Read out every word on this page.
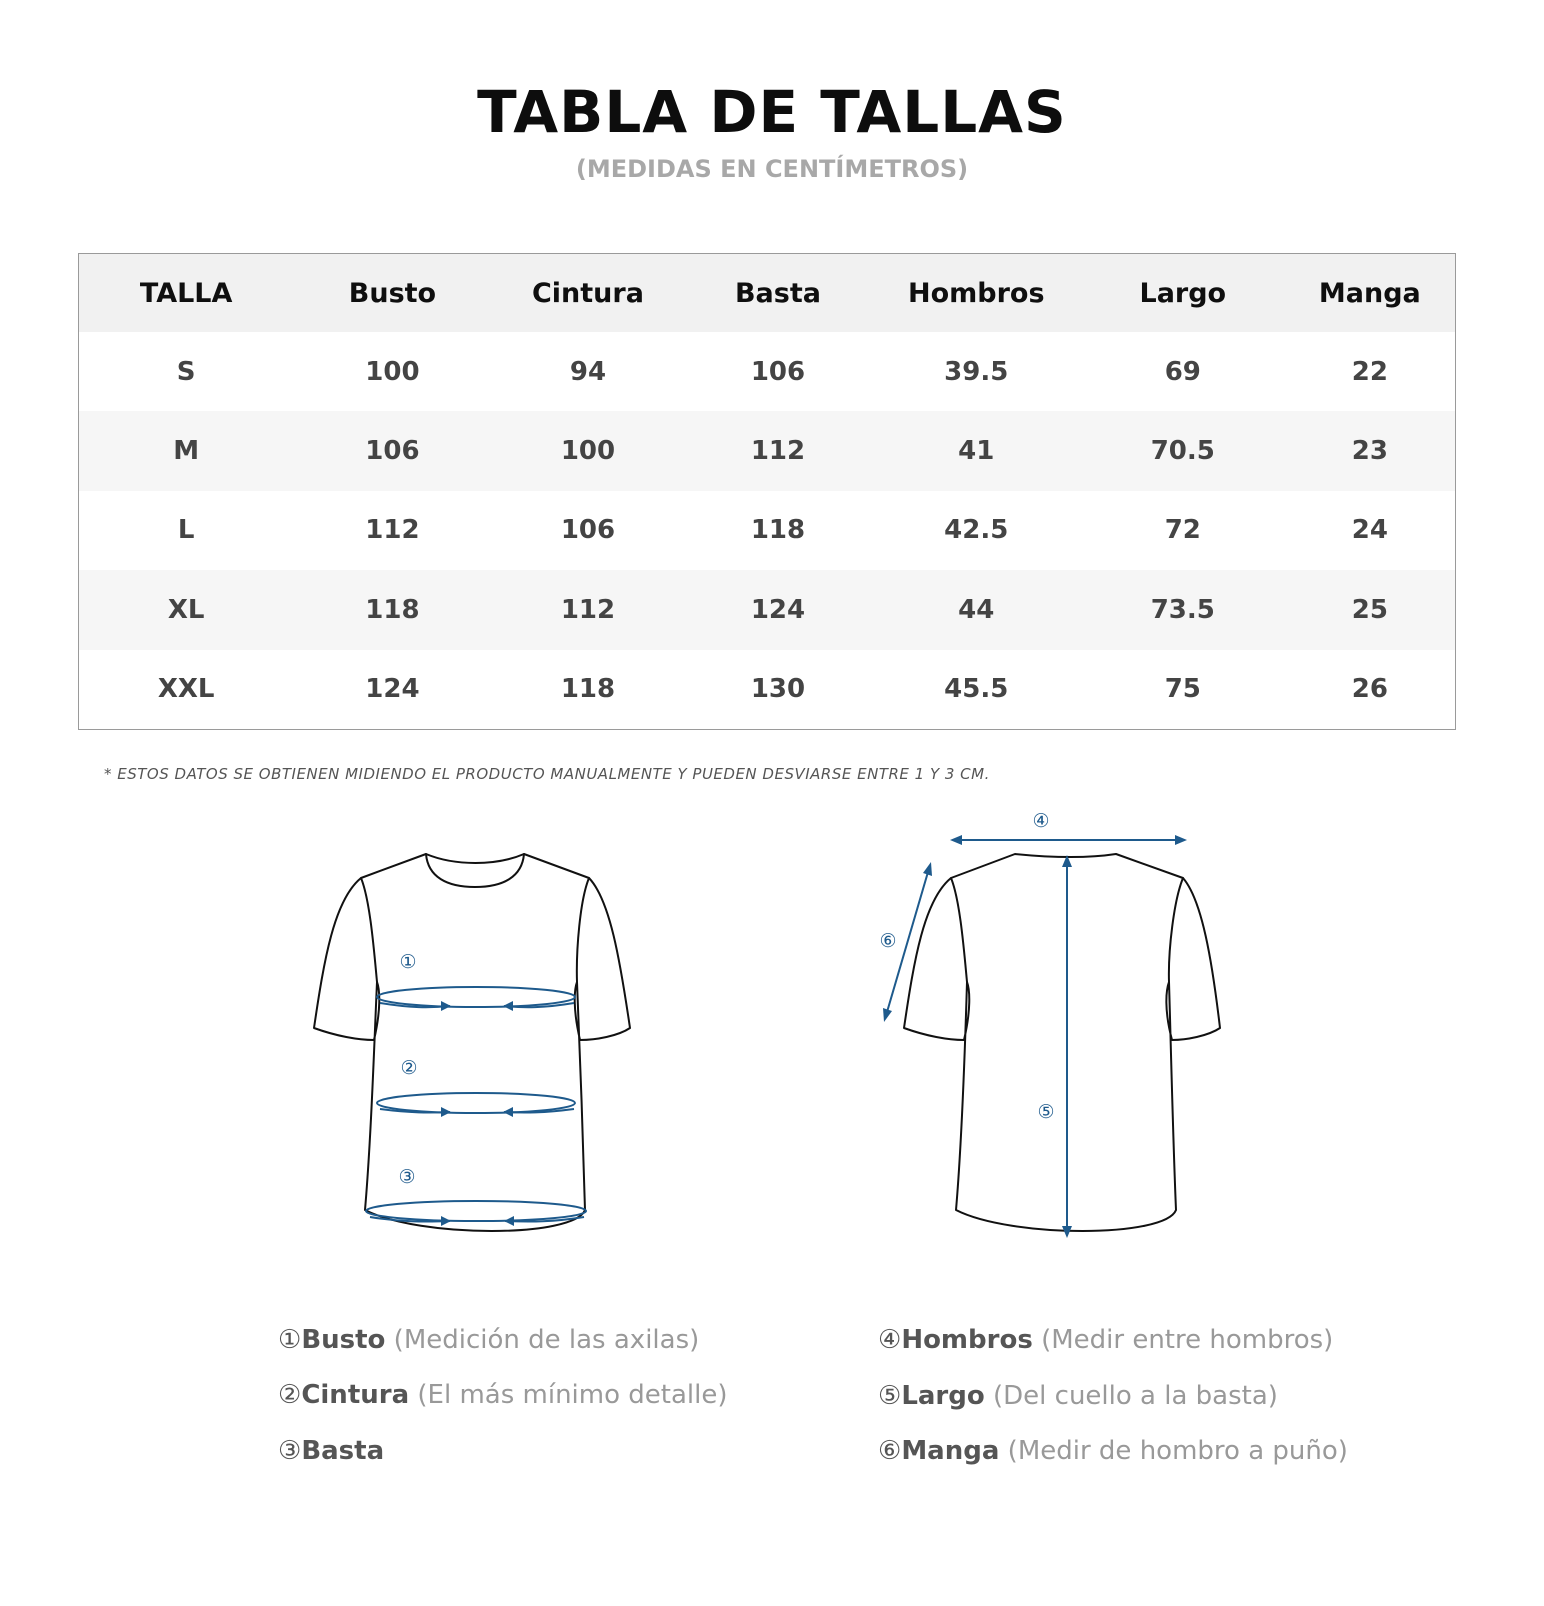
TABLA DE TALLAS
(MEDIDAS EN CENTÍMETROS)
TALLA	Busto	Cintura	Basta	Hombros	Largo	Manga
S	100	94	106	39.5	69	22
M	106	100	112	41	70.5	23
L	112	106	118	42.5	72	24
XL	118	112	124	44	73.5	25
XXL	124	118	130	45.5	75	26
* ESTOS DATOS SE OBTIENEN MIDIENDO EL PRODUCTO MANUALMENTE Y PUEDEN DESVIARSE ENTRE 1 Y 3 CM.
①
②
③
④
⑤
⑥
①Busto (Medición de las axilas)
②Cintura (El más mínimo detalle)
③Basta
④Hombros (Medir entre hombros)
⑤Largo (Del cuello a la basta)
⑥Manga (Medir de hombro a puño)
